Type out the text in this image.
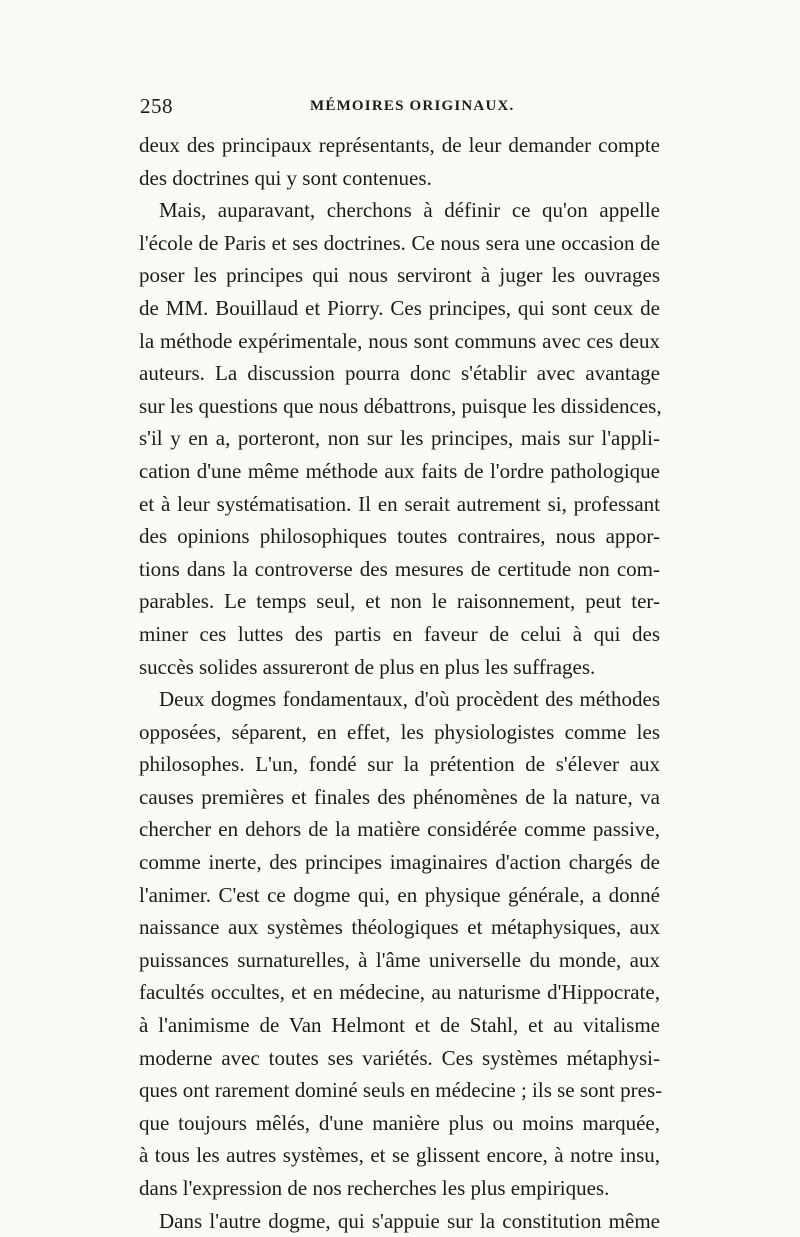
258	MÉMOIRES ORIGINAUX.
deux des principaux représentants, de leur demander compte
des doctrines qui y sont contenues.
Mais, auparavant, cherchons à définir ce qu'on appelle
l'école de Paris et ses doctrines. Ce nous sera une occasion de
poser les principes qui nous serviront à juger les ouvrages
de MM. Bouillaud et Piorry. Ces principes, qui sont ceux de
la méthode expérimentale, nous sont communs avec ces deux
auteurs. La discussion pourra donc s'établir avec avantage
sur les questions que nous débattrons, puisque les dissidences,
s'il y en a, porteront, non sur les principes, mais sur l'appli-
cation d'une même méthode aux faits de l'ordre pathologique
et à leur systématisation. Il en serait autrement si, professant
des opinions philosophiques toutes contraires, nous appor-
tions dans la controverse des mesures de certitude non com-
parables. Le temps seul, et non le raisonnement, peut ter-
miner ces luttes des partis en faveur de celui à qui des
succès solides assureront de plus en plus les suffrages.
Deux dogmes fondamentaux, d'où procèdent des méthodes
opposées, séparent, en effet, les physiologistes comme les
philosophes. L'un, fondé sur la prétention de s'élever aux
causes premières et finales des phénomènes de la nature, va
chercher en dehors de la matière considérée comme passive,
comme inerte, des principes imaginaires d'action chargés de
l'animer. C'est ce dogme qui, en physique générale, a donné
naissance aux systèmes théologiques et métaphysiques, aux
puissances surnaturelles, à l'âme universelle du monde, aux
facultés occultes, et en médecine, au naturisme d'Hippocrate,
à l'animisme de Van Helmont et de Stahl, et au vitalisme
moderne avec toutes ses variétés. Ces systèmes métaphysi-
ques ont rarement dominé seuls en médecine ; ils se sont pres-
que toujours mêlés, d'une manière plus ou moins marquée,
à tous les autres systèmes, et se glissent encore, à notre insu,
dans l'expression de nos recherches les plus empiriques.
Dans l'autre dogme, qui s'appuie sur la constitution même
